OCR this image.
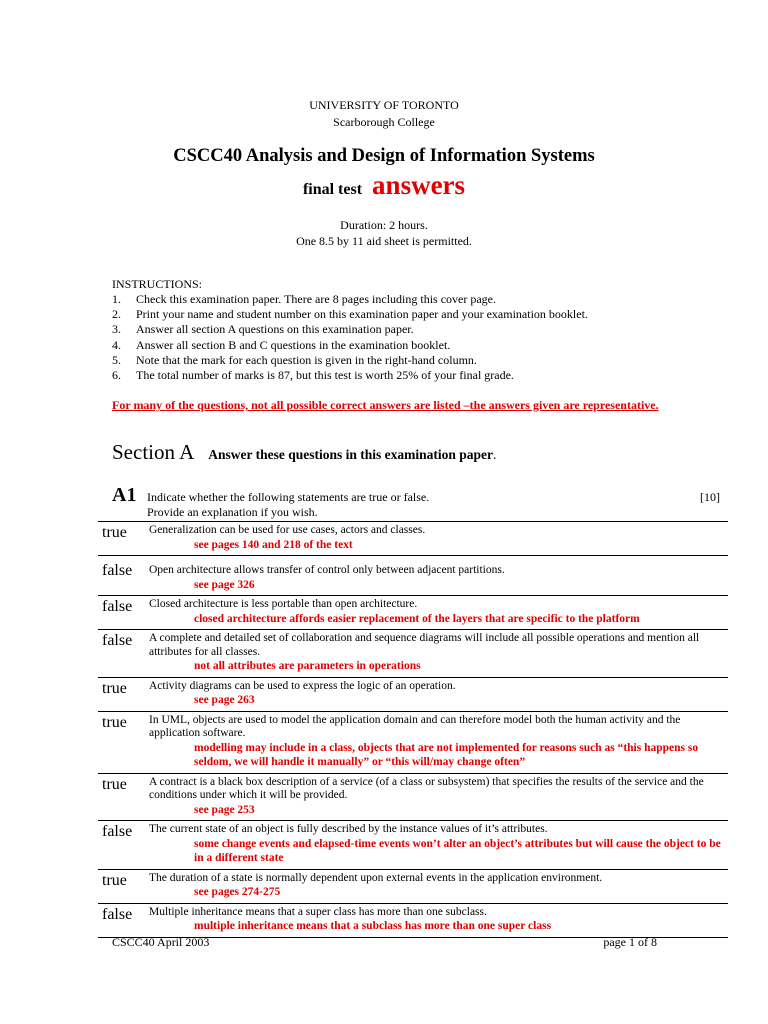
UNIVERSITY OF TORONTO
Scarborough College
CSCC40 Analysis and Design of Information Systems
final test answers
Duration: 2 hours.
One 8.5 by 11 aid sheet is permitted.
INSTRUCTIONS:
1. Check this examination paper. There are 8 pages including this cover page.
2. Print your name and student number on this examination paper and your examination booklet.
3. Answer all section A questions on this examination paper.
4. Answer all section B and C questions in the examination booklet.
5. Note that the mark for each question is given in the right-hand column.
6. The total number of marks is 87, but this test is worth 25% of your final grade.
For many of the questions, not all possible correct answers are listed –the answers given are representative.
Section A Answer these questions in this examination paper.
A1 Indicate whether the following statements are true or false.
Provide an explanation if you wish.
[10]
true Generalization can be used for use cases, actors and classes.
see pages 140 and 218 of the text
false Open architecture allows transfer of control only between adjacent partitions.
see page 326
false Closed architecture is less portable than open architecture.
closed architecture affords easier replacement of the layers that are specific to the platform
false A complete and detailed set of collaboration and sequence diagrams will include all possible operations and mention all attributes for all classes.
not all attributes are parameters in operations
true Activity diagrams can be used to express the logic of an operation.
see page 263
true In UML, objects are used to model the application domain and can therefore model both the human activity and the application software.
modelling may include in a class, objects that are not implemented for reasons such as “this happens so seldom, we will handle it manually” or “this will/may change often”
true A contract is a black box description of a service (of a class or subsystem) that specifies the results of the service and the conditions under which it will be provided.
see page 253
false The current state of an object is fully described by the instance values of it’s attributes.
some change events and elapsed-time events won’t alter an object’s attributes but will cause the object to be in a different state
true The duration of a state is normally dependent upon external events in the application environment.
see pages 274-275
false Multiple inheritance means that a super class has more than one subclass.
multiple inheritance means that a subclass has more than one super class
CSCC40 April 2003	page 1 of 8
